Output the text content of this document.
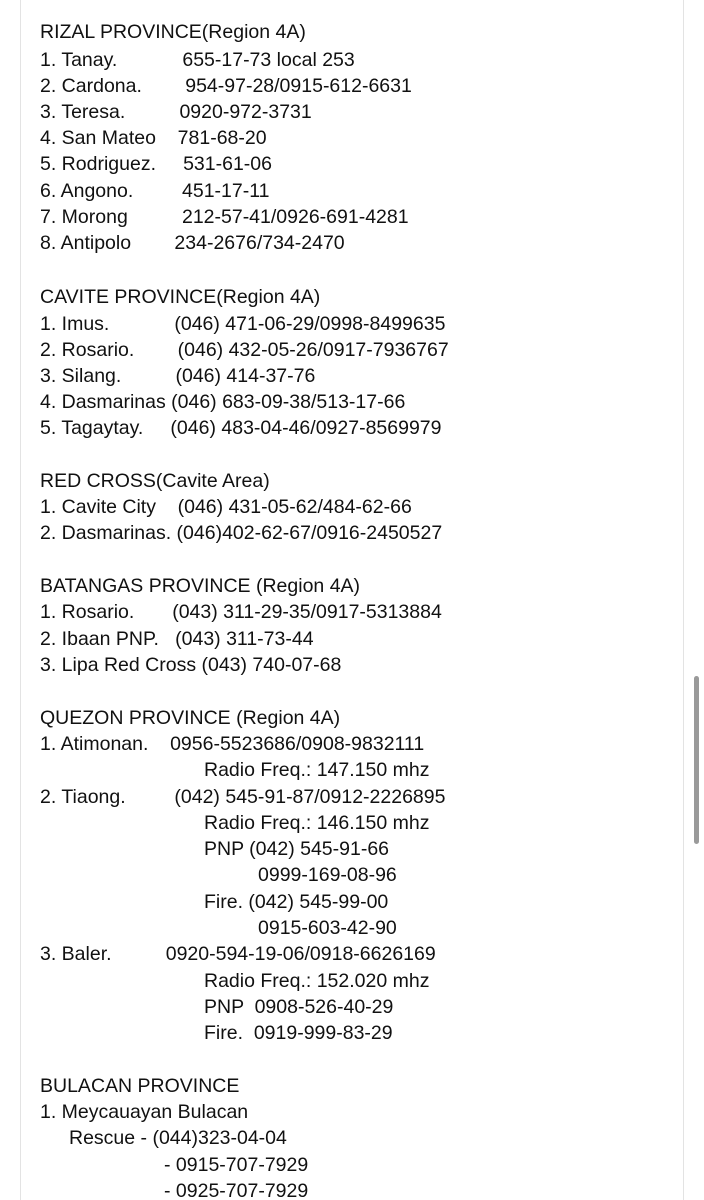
RIZAL PROVINCE(Region 4A)

1. Tanay.            655-17-73 local 253

2. Cardona.        954-97-28/0915-612-6631

3. Teresa.          0920-972-3731

4. San Mateo    781-68-20

5. Rodriguez.     531-61-06

6. Angono.         451-17-11

7. Morong          212-57-41/0926-691-4281

8. Antipolo        234-2676/734-2470

CAVITE PROVINCE(Region 4A)

1. Imus.            (046) 471-06-29/0998-8499635

2. Rosario.        (046) 432-05-26/0917-7936767

3. Silang.          (046) 414-37-76

4. Dasmarinas (046) 683-09-38/513-17-66

5. Tagaytay.     (046) 483-04-46/0927-8569979

RED CROSS(Cavite Area)

1. Cavite City    (046) 431-05-62/484-62-66

2. Dasmarinas. (046)402-62-67/0916-2450527

BATANGAS PROVINCE (Region 4A)

1. Rosario.       (043) 311-29-35/0917-5313884

2. Ibaan PNP.   (043) 311-73-44

3. Lipa Red Cross (043) 740-07-68

QUEZON PROVINCE (Region 4A)

1. Atimonan.    0956-5523686/0908-9832111

Radio Freq.: 147.150 mhz

2. Tiaong.         (042) 545-91-87/0912-2226895

Radio Freq.: 146.150 mhz

PNP (042) 545-91-66

0999-169-08-96

Fire. (042) 545-99-00

0915-603-42-90

3. Baler.          0920-594-19-06/0918-6626169

Radio Freq.: 152.020 mhz

PNP  0908-526-40-29

Fire.  0919-999-83-29

BULACAN PROVINCE

1. Meycauayan Bulacan

Rescue - (044)323-04-04

- 0915-707-7929

- 0925-707-7929
